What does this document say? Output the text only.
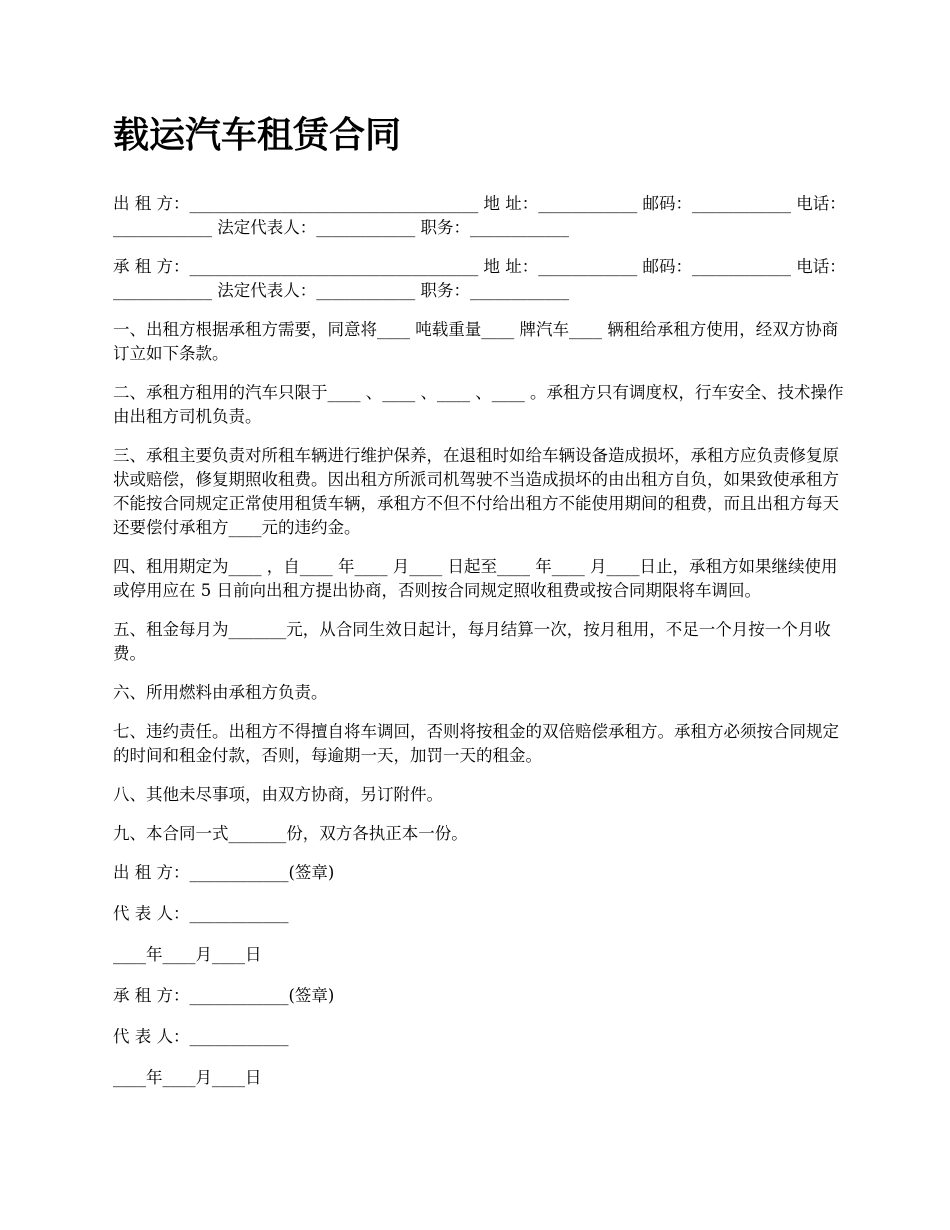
载运汽车租赁合同

出 租 方：___________________________________ 地 址：____________ 邮码：____________ 电话：____________ 法定代表人：____________ 职务：____________

承 租 方：___________________________________ 地 址：____________ 邮码：____________ 电话：____________ 法定代表人：____________ 职务：____________

一、出租方根据承租方需要，同意将____ 吨载重量____ 牌汽车____ 辆租给承租方使用，经双方协商订立如下条款。

二、承租方租用的汽车只限于____ 、____ 、____ 、____ 。承租方只有调度权，行车安全、技术操作由出租方司机负责。

三、承租主要负责对所租车辆进行维护保养，在退租时如给车辆设备造成损坏，承租方应负责修复原状或赔偿，修复期照收租费。因出租方所派司机驾驶不当造成损坏的由出租方自负，如果致使承租方不能按合同规定正常使用租赁车辆，承租方不但不付给出租方不能使用期间的租费，而且出租方每天还要偿付承租方____元的违约金。

四、租用期定为____ ，自____ 年____ 月____ 日起至____ 年____ 月____日止，承租方如果继续使用或停用应在 5 日前向出租方提出协商，否则按合同规定照收租费或按合同期限将车调回。

五、租金每月为_______元，从合同生效日起计，每月结算一次，按月租用，不足一个月按一个月收费。

六、所用燃料由承租方负责。

七、违约责任。出租方不得擅自将车调回，否则将按租金的双倍赔偿承租方。承租方必须按合同规定的时间和租金付款，否则，每逾期一天，加罚一天的租金。

八、其他未尽事项，由双方协商，另订附件。

九、本合同一式_______份，双方各执正本一份。

出 租 方：____________(签章)

代 表 人：____________

____年____月____日

承 租 方：____________(签章)

代 表 人：____________

____年____月____日
